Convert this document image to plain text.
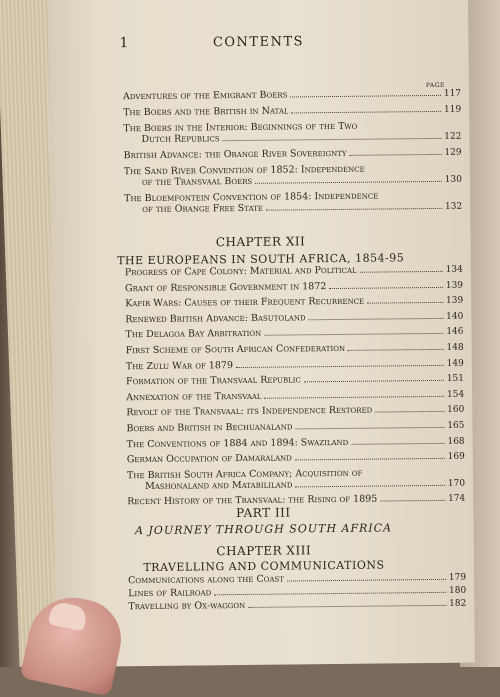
1	CONTENTS
PAGE
Adventures of the Emigrant Boers	117
The Boers and the British in Natal	119
The Boers in the Interior: Beginnings of the Two
Dutch Republics	122
British Advance: the Orange River Sovereignty	129
The Sand River Convention of 1852: Independence
of the Transvaal Boers	130
The Bloemfontein Convention of 1854: Independence
of the Orange Free State	132
CHAPTER XII
THE EUROPEANS IN SOUTH AFRICA, 1854-95
Progress of Cape Colony: Material and Political	134
Grant of Responsible Government in 1872	139
Kafir Wars: Causes of their Frequent Recurrence	139
Renewed British Advance: Basutoland	140
The Delagoa Bay Arbitration	146
First Scheme of South African Confederation	148
The Zulu War of 1879	149
Formation of the Transvaal Republic	151
Annexation of the Transvaal	154
Revolt of the Transvaal: its Independence Restored	160
Boers and British in Bechuanaland	165
The Conventions of 1884 and 1894: Swaziland	168
German Occupation of Damaraland	169
The British South Africa Company; Acquisition of
Mashonaland and Matabililand	170
Recent History of the Transvaal: the Rising of 1895	174
PART III
A JOURNEY THROUGH SOUTH AFRICA
CHAPTER XIII
TRAVELLING AND COMMUNICATIONS
Communications along the Coast	179
Lines of Railroad	180
Travelling by Ox-waggon	182
